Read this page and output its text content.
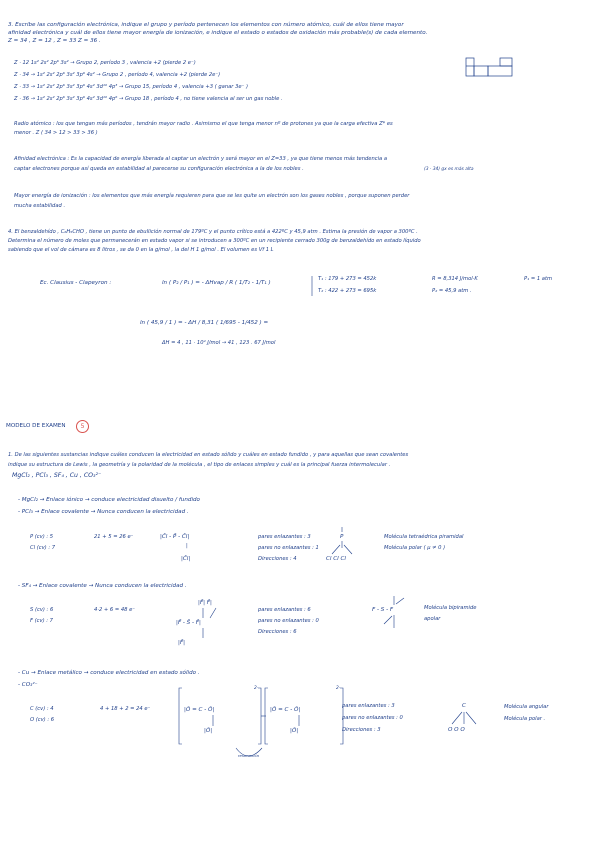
3. Escribe las configuración electrónica, indique el grupo y período pertenecen los elementos con número atómico, cuál de ellos tiene mayor
afinidad electrónica y cuál de ellos tiene mayor energía de ionización, e indique el estado o estados de oxidación más probable(s) de cada elemento.
Z = 34 , Z = 12 , Z = 33 Z = 36 .
Z · 12 1s² 2s² 2p⁶ 3s² → Grupo 2, período 3 , valencia +2 (pierde 2 e⁻)
Z · 34 → 1s² 2s² 2p⁶ 3s² 3p⁶ 4s² → Grupo 2 , período 4, valencia +2 (pierde 2e⁻)
Z · 33 → 1s² 2s² 2p⁶ 3s² 3p⁶ 4s² 3d¹⁰ 4p³ → Grupo 15, período 4 , valencia +3 ( ganar 3e⁻ )
Z · 36 → 1s² 2s² 2p⁶ 3s² 3p⁶ 4s² 3d¹⁰ 4p⁶ → Grupo 18 , período 4 , no tiene valencia al ser un gas noble .
Radio atómico : los que tengan más períodos , tendrán mayor radio . Asimismo el que tenga menor nº de protones ya que la carga efectiva Z* es
menor . Z ( 34 > 12 > 33 > 36 )
Afinidad electrónica : Es la capacidad de energía liberada al captar un electrón y será mayor en el Z=33 , ya que tiene menos más tendencia a
captar electrones porque así queda en estabilidad al parecerse su configuración electrónica a la de los nobles .	(3 · 34) gx es más alta
Mayor energía de ionización : los elementos que más energía requieren para que se les quite un electrón son los gases nobles , porque suponen perder
mucha estabilidad .
4. El benzaldehído , C₆H₅CHO , tiene un punto de ebullición normal de 179ºC y el punto crítico está a 422ºC y 45,9 atm . Estima la presión de vapor a 300ºC .
Determina el número de moles que permanecerán en estado vapor si se introducen a 300ºC en un recipiente cerrado 300g de benzaldehído en estado líquido
sabiendo que el vol de cámara es 8 litros , se da 0 en la g/mol , la del H 1 g/mol . El volumen es Vf 1 L
Ec. Clausius - Clapeyron :	ln ( P₂ / P₁ ) = - ΔHvap / R ( 1/T₂ - 1/T₁ )
T₁ : 179 + 273 = 452k
T₂ : 422 + 273 = 695k
R = 8,314 J/mol·K
P₂ = 45,9 atm .
P₁ = 1 atm
ln ( 45,9 / 1 ) = - ΔH / 8,31 ( 1/695 - 1/452 ) =
ΔH = 4 , 11 · 10⁴ J/mol → 41 , 123 . 67 J/mol
MODELO DE EXAMEN	5
1. De las siguientes sustancias indique cuáles conducen la electricidad en estado sólido y cuáles en estado fundido , y para aquellas que sean covalentes
indique su estructura de Lewis , la geometría y la polaridad de la molécula , el tipo de enlaces simples y cuál es la principal fuerza intermolecular .
MgCl₂ , PCl₃ , SF₄ , Cu , CO₃²⁻
- MgCl₂ → Enlace iónico → conduce electricidad disuelto / fundido
- PCl₃ → Enlace covalente → Nunca conducen la electricidad .
P (cv) : 5
Cl (cv) : 7
21 + 5 = 26 e⁻	|C̄l - P̄ - C̄l|
|
|C̄l|
pares enlazantes : 3
pares no enlazantes : 1
Direcciones : 4
P
Cl Cl Cl
Molécula tetraédrica piramidal
Molécula polar ( μ ≠ 0 )
- SF₄ → Enlace covalente → Nunca conducen la electricidad .
S (cv) : 6
F (cv) : 7
4·2 + 6 = 48 e⁻
|F̄| F̄|
|F̄ - S̄ - F̄|
|F̄|
pares enlazantes : 6
pares no enlazantes : 0
Direcciones : 6
F - S - F	Molécula bipiramide
apolar
- Cu → Enlace metálico → conduce electricidad en estado sólido .
- CO₃²⁻
C (cv) : 4
O (cv) : 6
4 + 18 + 2 = 24 e⁻	|Ō = C - Ō|
|Ō|
2-
|Ō = C - Ō|
|Ō|
2-
resonancia
pares enlazantes : 3
pares no enlazantes : 0
Direcciones : 3
C
O O O
Molécula angular
Molécula polar .
